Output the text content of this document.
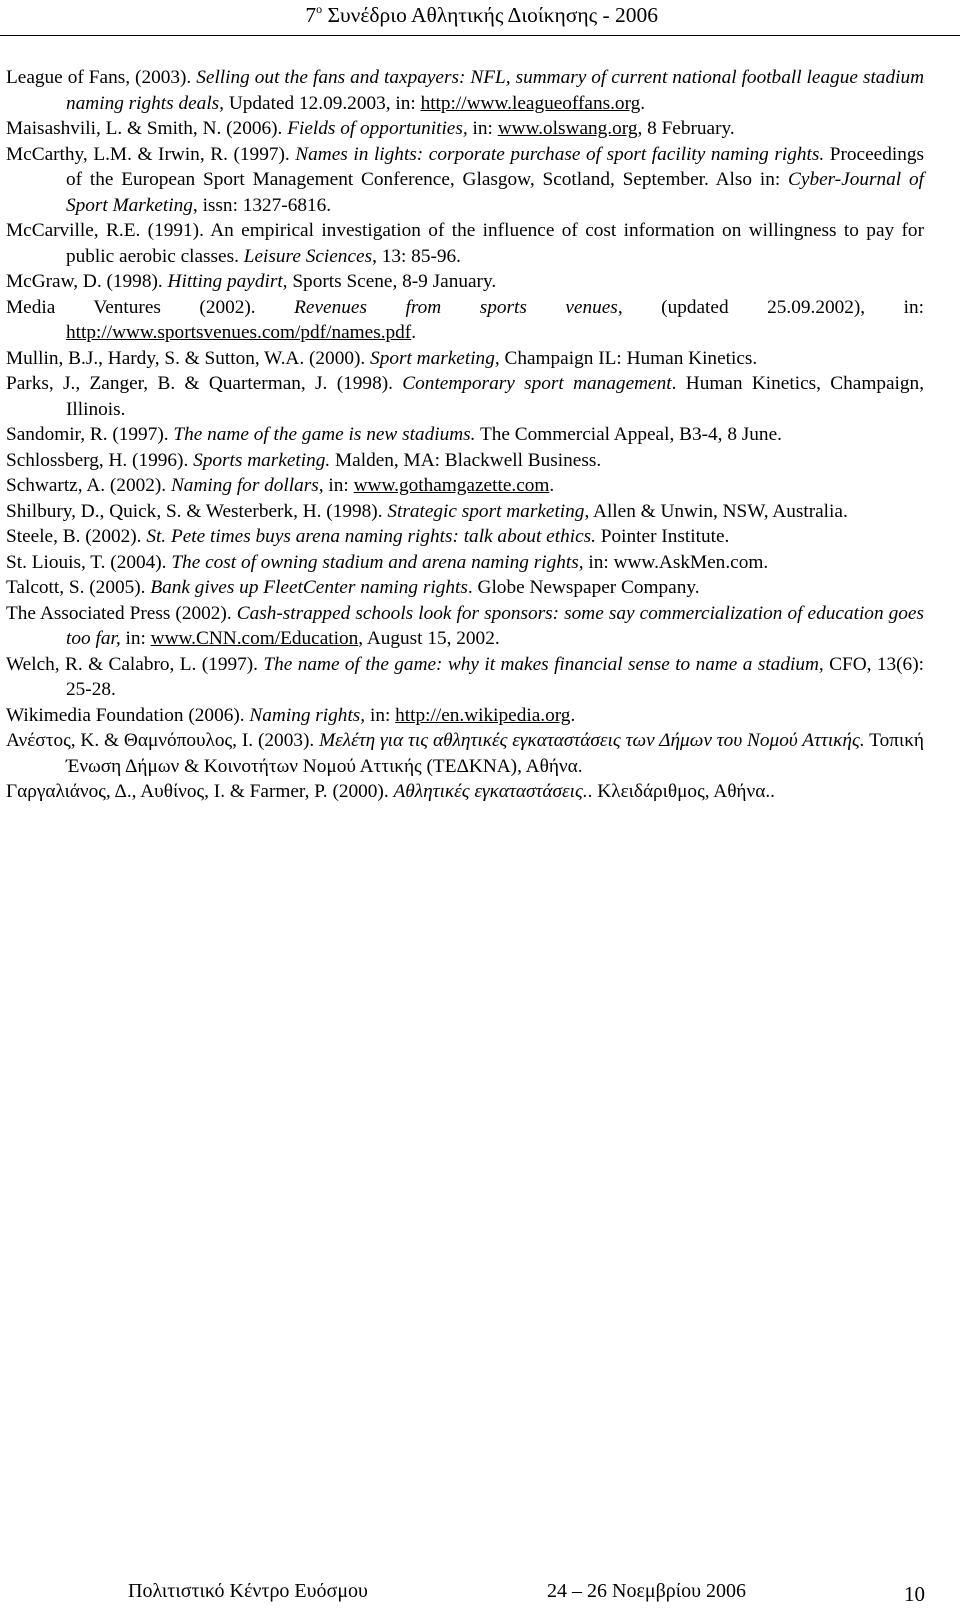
$7^o$ Συνέδριο Αθλητικής Διοίκησης - 2006

League of Fans, (2003). Selling out the fans and taxpayers: NFL, summary of current national football league stadium naming rights deals, Updated 12.09.2003, in: http://www.leagueoffans.org.

Maisashvili, L. & Smith, N. (2006). Fields of opportunities, in: www.olswang.org, 8 February.

McCarthy, L.M. & Irwin, R. (1997). Names in lights: corporate purchase of sport facility naming rights. Proceedings of the European Sport Management Conference, Glasgow, Scotland, September. Also in: Cyber-Journal of Sport Marketing, issn: 1327-6816.

McCarville, R.E. (1991). An empirical investigation of the influence of cost information on willingness to pay for public aerobic classes. Leisure Sciences, 13: 85-96.

McGraw, D. (1998). Hitting paydirt, Sports Scene, 8-9 January.

Media Ventures (2002). Revenues from sports venues, (updated 25.09.2002), in: http://www.sportsvenues.com/pdf/names.pdf.

Mullin, B.J., Hardy, S. & Sutton, W.A. (2000). Sport marketing, Champaign IL: Human Kinetics.

Parks, J., Zanger, B. & Quarterman, J. (1998). Contemporary sport management. Human Kinetics, Champaign, Illinois.

Sandomir, R. (1997). The name of the game is new stadiums. The Commercial Appeal, B3-4, 8 June.

Schlossberg, H. (1996). Sports marketing. Malden, MA: Blackwell Business.

Schwartz, A. (2002). Naming for dollars, in: www.gothamgazette.com.

Shilbury, D., Quick, S. & Westerberk, H. (1998). Strategic sport marketing, Allen & Unwin, NSW, Australia.

Steele, B. (2002). St. Pete times buys arena naming rights: talk about ethics. Pointer Institute.

St. Liouis, T. (2004). The cost of owning stadium and arena naming rights, in: www.AskMen.com.

Talcott, S. (2005). Bank gives up FleetCenter naming rights. Globe Newspaper Company.

The Associated Press (2002). Cash-strapped schools look for sponsors: some say commercialization of education goes too far, in: www.CNN.com/Education, August 15, 2002.

Welch, R. & Calabro, L. (1997). The name of the game: why it makes financial sense to name a stadium, CFO, 13(6): 25-28.

Wikimedia Foundation (2006). Naming rights, in: http://en.wikipedia.org.

Ανέστος, Κ. & Θαμνόπουλος, Ι. (2003). Μελέτη για τις αθλητικές εγκαταστάσεις των Δήμων του Νομού Αττικής. Τοπική Ένωση Δήμων & Κοινοτήτων Νομού Αττικής (ΤΕΔΚΝΑ), Αθήνα.

Γαργαλιάνος, Δ., Αυθίνος, Ι. & Farmer, P. (2000). Αθλητικές εγκαταστάσεις.. Κλειδάριθμος, Αθήνα..

Πολιτιστικό Κέντρο Ευόσμου	24 – 26 Νοεμβρίου 2006	10
